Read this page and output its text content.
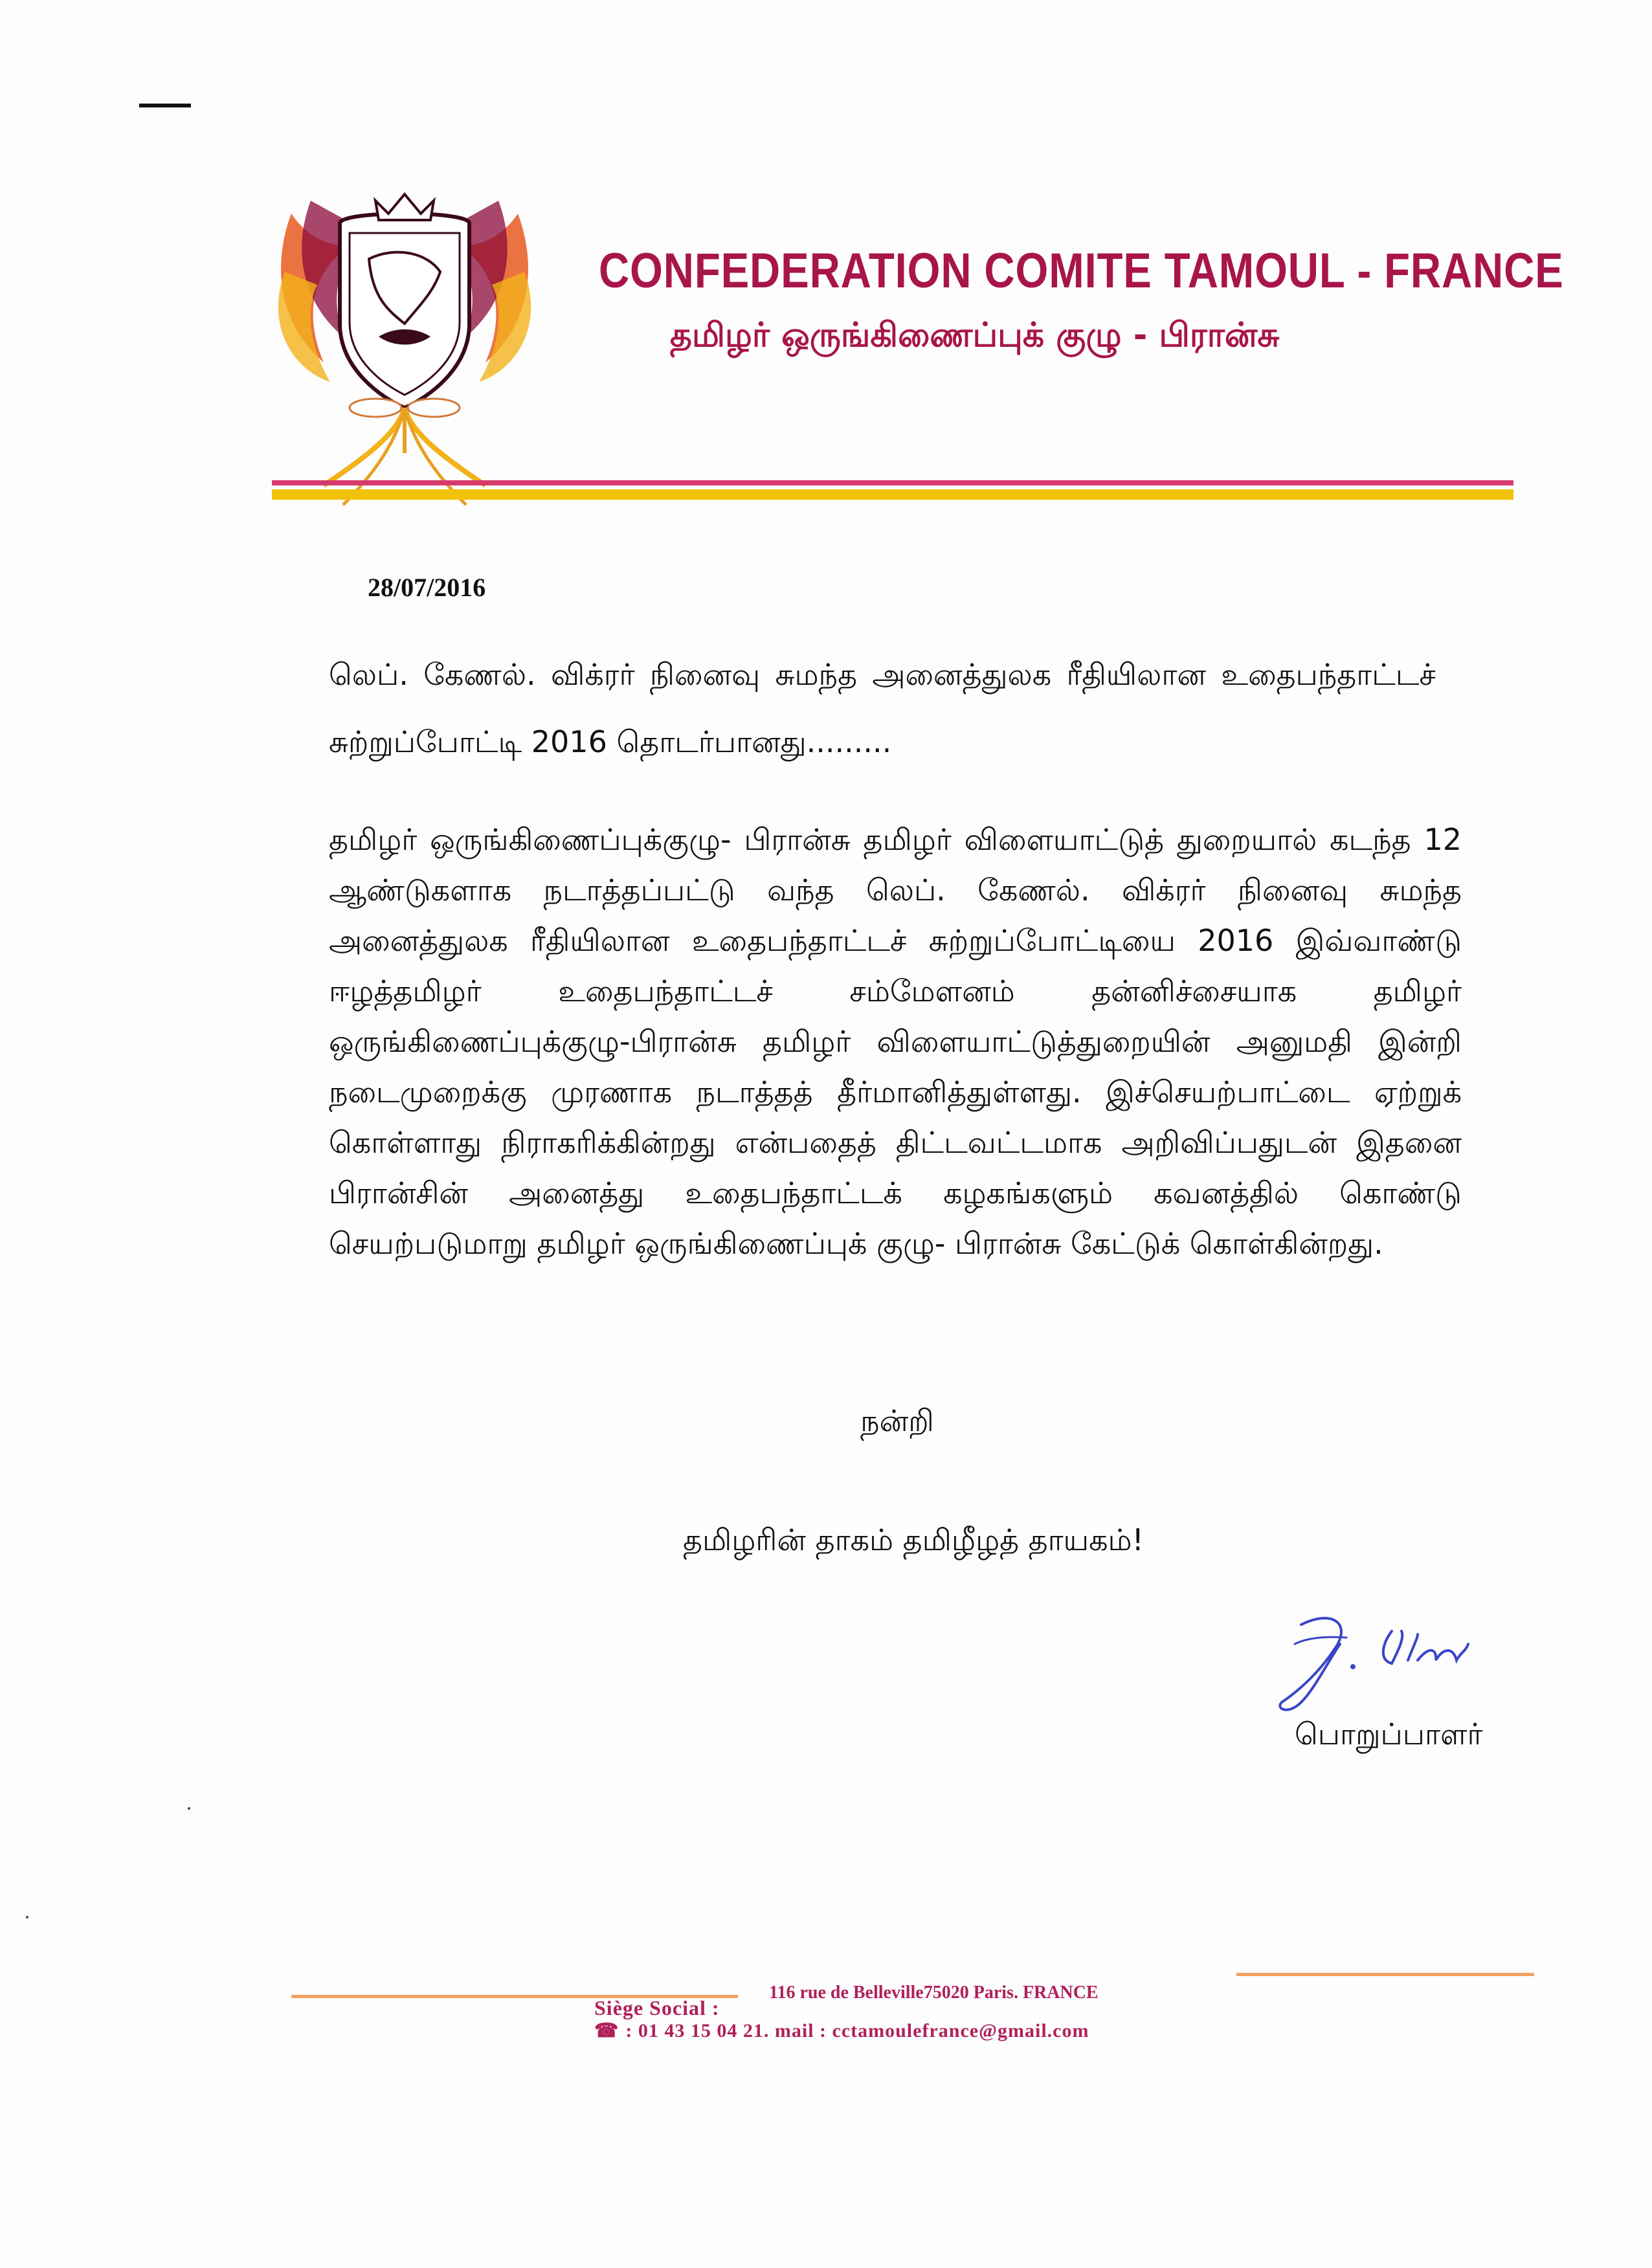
CONFEDERATION COMITE TAMOUL - FRANCE
தமிழர் ஒருங்கிணைப்புக் குழு - பிரான்சு
28/07/2016
லெப். கேணல். விக்ரர் நினைவு சுமந்த அனைத்துலக ரீதியிலான உதைபந்தாட்டச் சுற்றுப்போட்டி 2016 தொடர்பானது.........
தமிழர் ஒருங்கிணைப்புக்குழு- பிரான்சு தமிழர் விளையாட்டுத் துறையால் கடந்த 12 ஆண்டுகளாக நடாத்தப்பட்டு வந்த லெப். கேணல். விக்ரர் நினைவு சுமந்த அனைத்துலக ரீதியிலான உதைபந்தாட்டச் சுற்றுப்போட்டியை 2016 இவ்வாண்டு ஈழத்தமிழர் உதைபந்தாட்டச் சம்மேளனம் தன்னிச்சையாக தமிழர் ஒருங்கிணைப்புக்குழு-பிரான்சு தமிழர் விளையாட்டுத்துறையின் அனுமதி இன்றி நடைமுறைக்கு முரணாக நடாத்தத் தீர்மானித்துள்ளது. இச்செயற்பாட்டை ஏற்றுக் கொள்ளாது நிராகரிக்கின்றது என்பதைத் திட்டவட்டமாக அறிவிப்பதுடன் இதனை பிரான்சின் அனைத்து உதைபந்தாட்டக் கழகங்களும் கவனத்தில் கொண்டு செயற்படுமாறு தமிழர் ஒருங்கிணைப்புக் குழு- பிரான்சு கேட்டுக் கொள்கின்றது.
நன்றி
தமிழரின் தாகம் தமிழீழத் தாயகம்!
பொறுப்பாளர்
Siège Social :
116 rue de Belleville75020 Paris. FRANCE
☎ : 01 43 15 04 21. mail : cctamoulefrance@gmail.com
